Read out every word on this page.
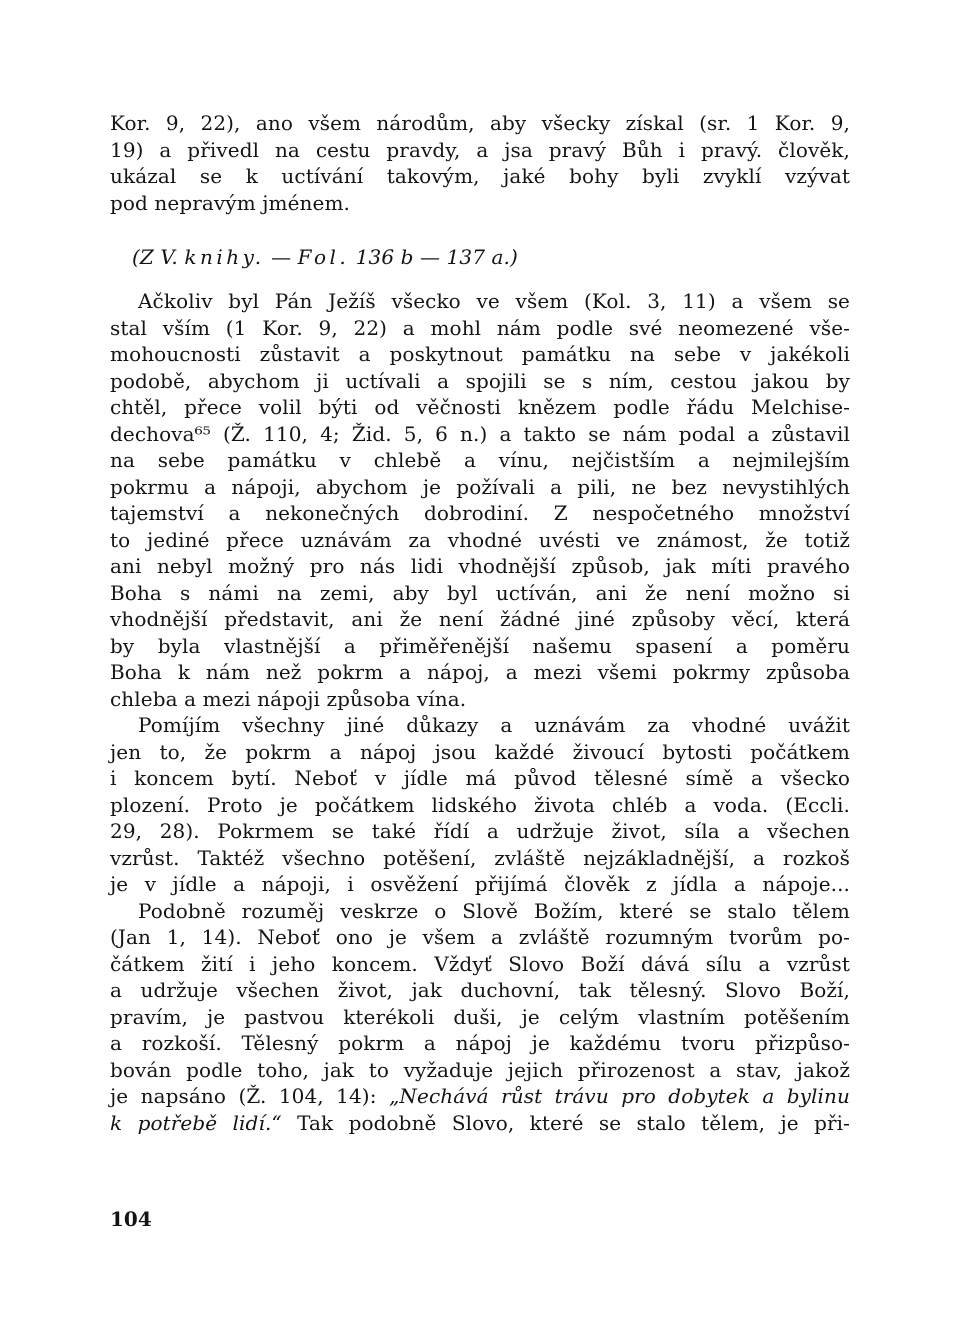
Kor. 9, 22), ano všem národům, aby všecky získal (sr. 1 Kor. 9,
19) a přivedl na cestu pravdy, a jsa pravý Bůh i pravý. člověk,
ukázal se k uctívání takovým, jaké bohy byli zvyklí vzývat
pod nepravým jménem.
(Z V. knihy. — Fol. 136 b — 137 a.)
Ačkoliv byl Pán Ježíš všecko ve všem (Kol. 3, 11) a všem se
stal vším (1 Kor. 9, 22) a mohl nám podle své neomezené vše-
mohoucnosti zůstavit a poskytnout památku na sebe v jakékoli
podobě, abychom ji uctívali a spojili se s ním, cestou jakou by
chtěl, přece volil býti od věčnosti knězem podle řádu Melchise-
dechova⁶⁵ (Ž. 110, 4; Žid. 5, 6 n.) a takto se nám podal a zůstavil
na sebe památku v chlebě a vínu, nejčistším a nejmilejším
pokrmu a nápoji, abychom je požívali a pili, ne bez nevystihlých
tajemství a nekonečných dobrodiní. Z nespočetného množství
to jediné přece uznávám za vhodné uvésti ve známost, že totiž
ani nebyl možný pro nás lidi vhodnější způsob, jak míti pravého
Boha s námi na zemi, aby byl uctíván, ani že není možno si
vhodnější představit, ani že není žádné jiné způsoby věcí, která
by byla vlastnější a přiměřenější našemu spasení a poměru
Boha k nám než pokrm a nápoj, a mezi všemi pokrmy způsoba
chleba a mezi nápoji způsoba vína.
Pomíjím všechny jiné důkazy a uznávám za vhodné uvážit
jen to, že pokrm a nápoj jsou každé živoucí bytosti počátkem
i koncem bytí. Neboť v jídle má původ tělesné símě a všecko
plození. Proto je počátkem lidského života chléb a voda. (Eccli.
29, 28). Pokrmem se také řídí a udržuje život, síla a všechen
vzrůst. Taktéž všechno potěšení, zvláště nejzákladnější, a rozkoš
je v jídle a nápoji, i osvěžení přijímá člověk z jídla a nápoje...
Podobně rozuměj veskrze o Slově Božím, které se stalo tělem
(Jan 1, 14). Neboť ono je všem a zvláště rozumným tvorům po-
čátkem žití i jeho koncem. Vždyť Slovo Boží dává sílu a vzrůst
a udržuje všechen život, jak duchovní, tak tělesný. Slovo Boží,
pravím, je pastvou kterékoli duši, je celým vlastním potěšením
a rozkoší. Tělesný pokrm a nápoj je každému tvoru přizpůso-
bován podle toho, jak to vyžaduje jejich přirozenost a stav, jakož
je napsáno (Ž. 104, 14): „Nechává růst trávu pro dobytek a bylinu
k potřebě lidí.“ Tak podobně Slovo, které se stalo tělem, je při-
104
